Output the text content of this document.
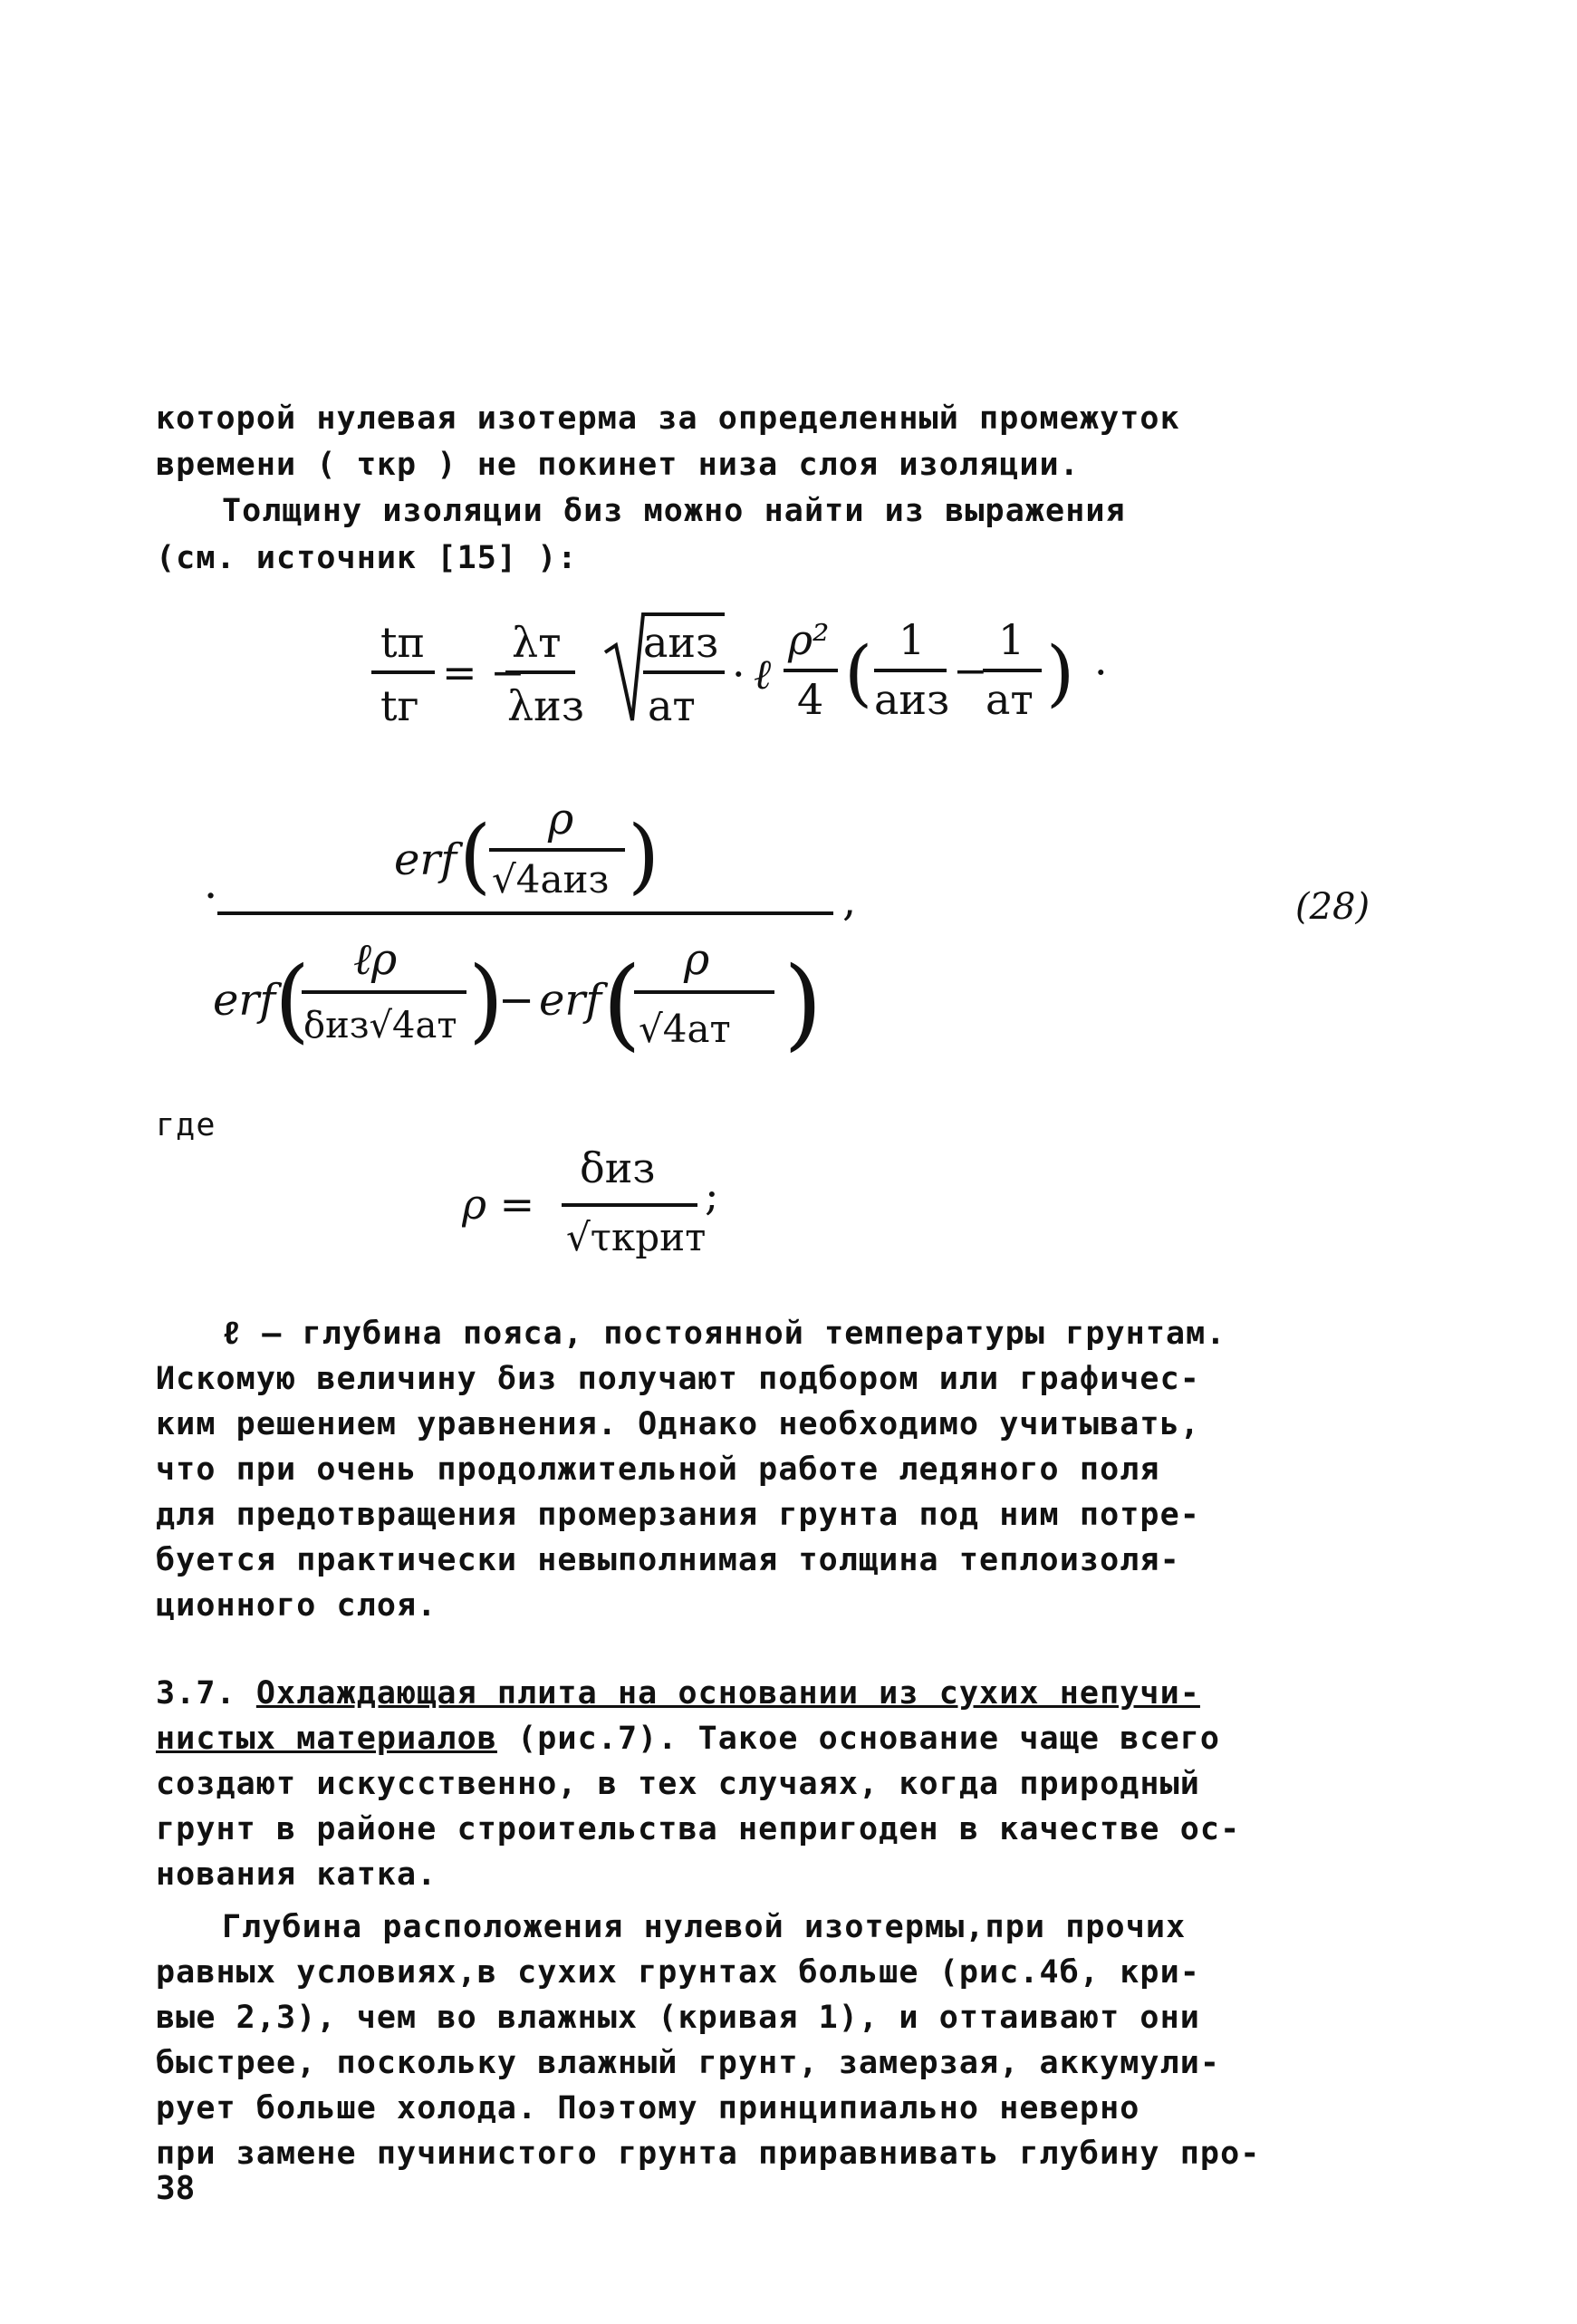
которой нулевая изотерма за определенный промежуток
времени ( τкр ) не покинет низа слоя изоляции.
Толщину изоляции δиз можно найти из выражения
(см. источник [15] ):
tп
tг
= −
λт
λиз
aиз
aт
· ℓ
ρ²
4 ( 1
aиз
−
1
aт ) ·
·
erf ( ρ
√4aиз )	,
erf
( ℓρ
δиз√4aт )
− erf ( ρ
√4aт )
(28)
где
ρ =
δиз
√τкрит
;
ℓ – глубина пояса, постоянной температуры грунтам.
Искомую величину δиз получают подбором или графичес-
ким решением уравнения. Однако необходимо учитывать,
что при очень продолжительной работе ледяного поля
для предотвращения промерзания грунта под ним потре-
буется практически невыполнимая толщина теплоизоля-
ционного слоя.
3.7. Охлаждающая плита на основании из сухих непучи-
нистых материалов (рис.7). Такое основание чаще всего
создают искусственно, в тех случаях, когда природный
грунт в районе строительства непригоден в качестве ос-
нования катка.
Глубина расположения нулевой изотермы,при прочих
равных условиях,в сухих грунтах больше (рис.4б, кри-
вые 2,3), чем во влажных (кривая 1), и оттаивают они
быстрее, поскольку влажный грунт, замерзая, аккумули-
рует больше холода. Поэтому принципиально неверно
при замене пучинистого грунта приравнивать глубину про-
38
